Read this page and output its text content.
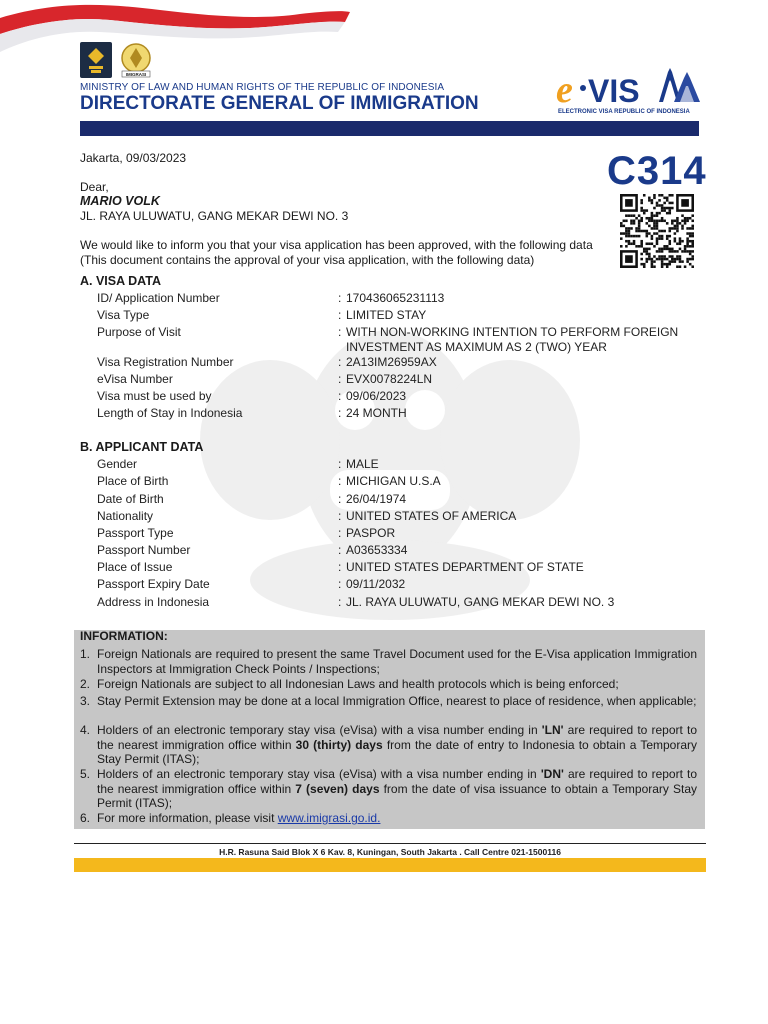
IMIGRASI
MINISTRY OF LAW AND HUMAN RIGHTS OF THE REPUBLIC OF INDONESIA
DIRECTORATE GENERAL OF IMMIGRATION e VIS
ELECTRONIC VISA REPUBLIC OF INDONESIA
Jakarta, 09/03/2023	C314
Dear,
MARIO VOLK
JL. RAYA ULUWATU, GANG MEKAR DEWI NO. 3
We would like to inform you that your visa application has been approved, with the following data
(This document contains the approval of your visa application, with the following data)
A. VISA DATA
ID/ Application Number	: 170436065231113
Visa Type	: LIMITED STAY
Purpose of Visit	: WITH NON-WORKING INTENTION TO PERFORM FOREIGN
INVESTMENT AS MAXIMUM AS 2 (TWO) YEAR
Visa Registration Number	: 2A13IM26959AX
eVisa Number	: EVX0078224LN
Visa must be used by	: 09/06/2023
Length of Stay in Indonesia	: 24 MONTH
B. APPLICANT DATA
Gender	: MALE
Place of Birth	: MICHIGAN U.S.A
Date of Birth	: 26/04/1974
Nationality	: UNITED STATES OF AMERICA
Passport Type	: PASPOR
Passport Number	: A03653334
Place of Issue	: UNITED STATES DEPARTMENT OF STATE
Passport Expiry Date	: 09/11/2032
Address in Indonesia	: JL. RAYA ULUWATU, GANG MEKAR DEWI NO. 3
INFORMATION:
1. Foreign Nationals are required to present the same Travel Document used for the E-Visa application Immigration Inspectors at Immigration Check Points / Inspections;
2. Foreign Nationals are subject to all Indonesian Laws and health protocols which is being enforced;
3. Stay Permit Extension may be done at a local Immigration Office, nearest to place of residence, when applicable;
4. Holders of an electronic temporary stay visa (eVisa) with a visa number ending in 'LN' are required to report to the nearest immigration office within 30 (thirty) days from the date of entry to Indonesia to obtain a Temporary Stay Permit (ITAS);
5. Holders of an electronic temporary stay visa (eVisa) with a visa number ending in 'DN' are required to report to the nearest immigration office within 7 (seven) days from the date of visa issuance to obtain a Temporary Stay Permit (ITAS);
6. For more information, please visit www.imigrasi.go.id.
H.R. Rasuna Said Blok X 6 Kav. 8, Kuningan, South Jakarta . Call Centre 021-1500116
